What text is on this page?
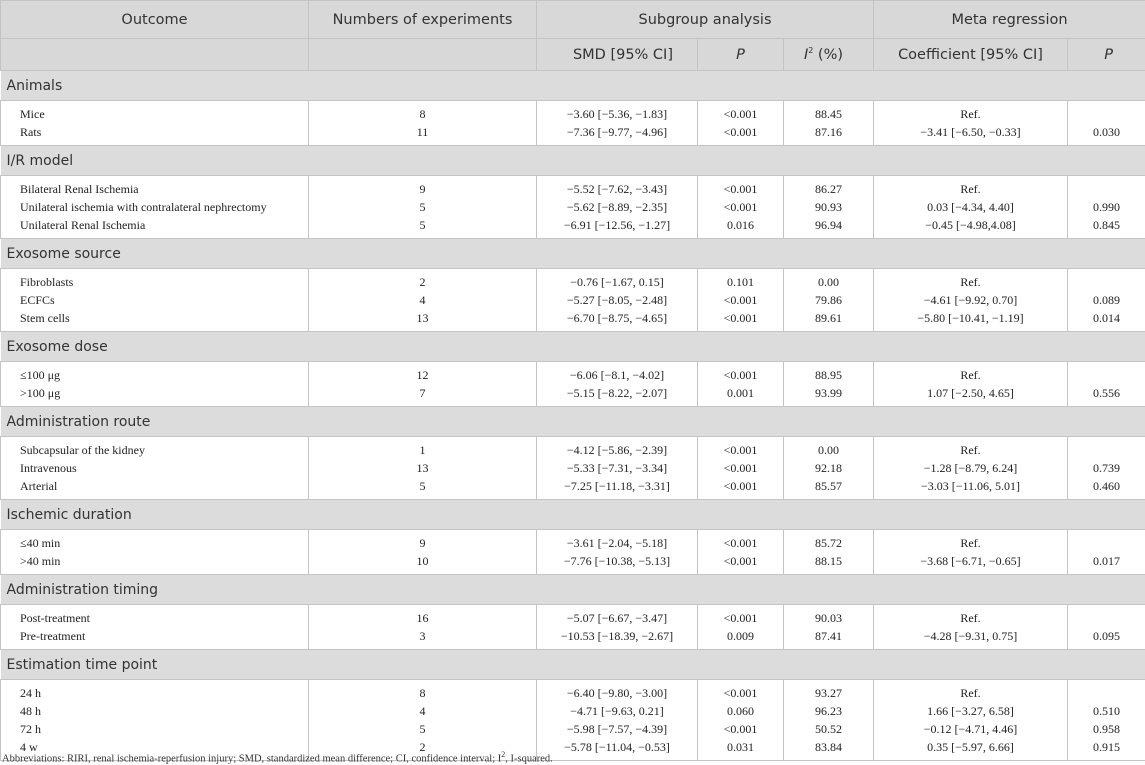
Outcome	Numbers of experiments	Subgroup analysis			Meta regression	
		SMD [95% CI]	P	$I^2$ (%)	Coefficient [95% CI]	P
Animals						
Mice	8	−3.60 [−5.36, −1.83]	<0.001	88.45	Ref.	
Rats	11	−7.36 [−9.77, −4.96]	<0.001	87.16	−3.41 [−6.50, −0.33]	0.030
I/R model						
Bilateral Renal Ischemia	9	−5.52 [−7.62, −3.43]	<0.001	86.27	Ref.	
Unilateral ischemia with contralateral nephrectomy	5	−5.62 [−8.89, −2.35]	<0.001	90.93	0.03 [−4.34, 4.40]	0.990
Unilateral Renal Ischemia	5	−6.91 [−12.56, −1.27]	0.016	96.94	−0.45 [−4.98,4.08]	0.845
Exosome source						
Fibroblasts	2	−0.76 [−1.67, 0.15]	0.101	0.00	Ref.	
ECFCs	4	−5.27 [−8.05, −2.48]	<0.001	79.86	−4.61 [−9.92, 0.70]	0.089
Stem cells	13	−6.70 [−8.75, −4.65]	<0.001	89.61	−5.80 [−10.41, −1.19]	0.014
Exosome dose						
≤100 μg	12	−6.06 [−8.1, −4.02]	<0.001	88.95	Ref.	
>100 μg	7	−5.15 [−8.22, −2.07]	0.001	93.99	1.07 [−2.50, 4.65]	0.556
Administration route						
Subcapsular of the kidney	1	−4.12 [−5.86, −2.39]	<0.001	0.00	Ref.	
Intravenous	13	−5.33 [−7.31, −3.34]	<0.001	92.18	−1.28 [−8.79, 6.24]	0.739
Arterial	5	−7.25 [−11.18, −3.31]	<0.001	85.57	−3.03 [−11.06, 5.01]	0.460
Ischemic duration						
≤40 min	9	−3.61 [−2.04, −5.18]	<0.001	85.72	Ref.	
>40 min	10	−7.76 [−10.38, −5.13]	<0.001	88.15	−3.68 [−6.71, −0.65]	0.017
Administration timing						
Post-treatment	16	−5.07 [−6.67, −3.47]	<0.001	90.03	Ref.	
Pre-treatment	3	−10.53 [−18.39, −2.67]	0.009	87.41	−4.28 [−9.31, 0.75]	0.095
Estimation time point						
24 h	8	−6.40 [−9.80, −3.00]	<0.001	93.27	Ref.	
48 h	4	−4.71 [−9.63, 0.21]	0.060	96.23	1.66 [−3.27, 6.58]	0.510
72 h	5	−5.98 [−7.57, −4.39]	<0.001	50.52	−0.12 [−4.71, 4.46]	0.958
4 w	2	−5.78 [−11.04, −0.53]	0.031	83.84	0.35 [−5.97, 6.66]	0.915
Abbreviations: RIRI, renal ischemia-reperfusion injury; SMD, standardized mean difference; CI, confidence interval; $I^2$, I-squared.
